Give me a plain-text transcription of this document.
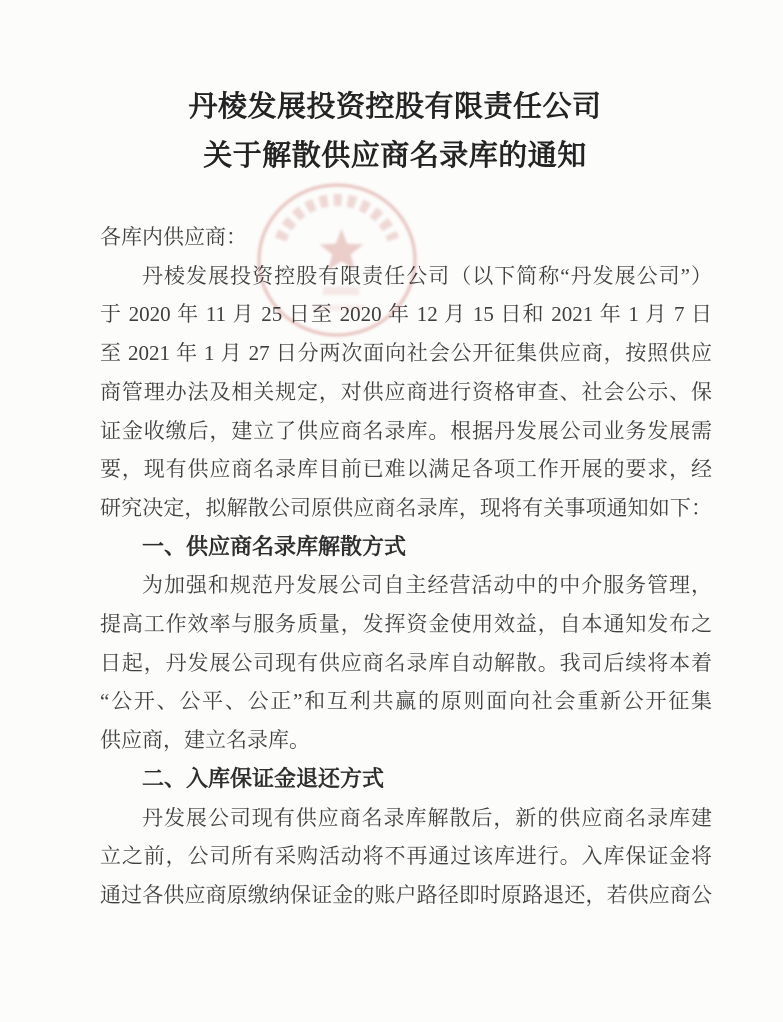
丹棱发展投资控股有限责任公司
关于解散供应商名录库的通知
各库内供应商：
丹棱发展投资控股有限责任公司（以下简称“丹发展公司”）
于 2020 年 11 月 25 日至 2020 年 12 月 15 日和 2021 年 1 月 7 日
至 2021 年 1 月 27 日分两次面向社会公开征集供应商，按照供应
商管理办法及相关规定，对供应商进行资格审查、社会公示、保
证金收缴后，建立了供应商名录库。根据丹发展公司业务发展需
要，现有供应商名录库目前已难以满足各项工作开展的要求，经
研究决定，拟解散公司原供应商名录库，现将有关事项通知如下：
一、供应商名录库解散方式
为加强和规范丹发展公司自主经营活动中的中介服务管理，
提高工作效率与服务质量，发挥资金使用效益，自本通知发布之
日起，丹发展公司现有供应商名录库自动解散。我司后续将本着
“公开、公平、公正”和互利共赢的原则面向社会重新公开征集
供应商，建立名录库。
二、入库保证金退还方式
丹发展公司现有供应商名录库解散后，新的供应商名录库建
立之前，公司所有采购活动将不再通过该库进行。入库保证金将
通过各供应商原缴纳保证金的账户路径即时原路退还，若供应商公
